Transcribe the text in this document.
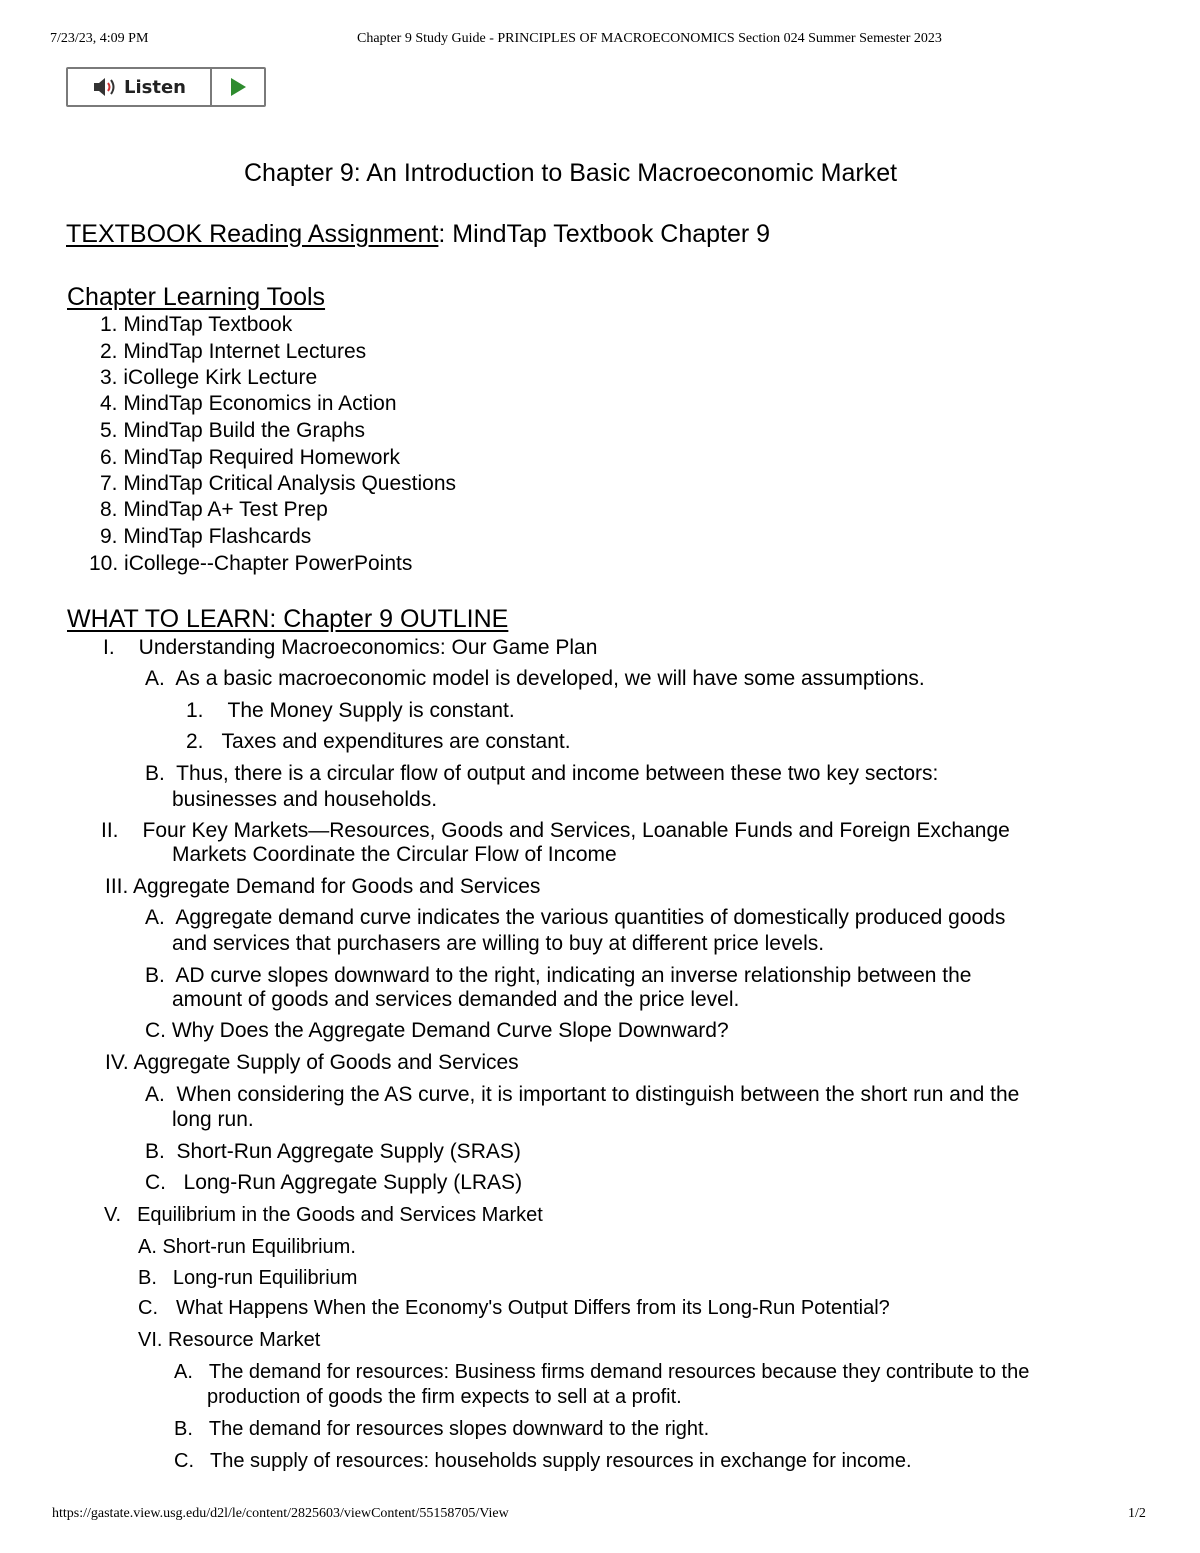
7/23/23, 4:09 PM	Chapter 9 Study Guide - PRINCIPLES OF MACROECONOMICS Section 024 Summer Semester 2023
Listen
Chapter 9: An Introduction to Basic Macroeconomic Market
TEXTBOOK Reading Assignment: MindTap Textbook Chapter 9
Chapter Learning Tools
1. MindTap Textbook
2. MindTap Internet Lectures
3. iCollege Kirk Lecture
4. MindTap Economics in Action
5. MindTap Build the Graphs
6. MindTap Required Homework
7. MindTap Critical Analysis Questions
8. MindTap A+ Test Prep
9. MindTap Flashcards
10. iCollege--Chapter PowerPoints
WHAT TO LEARN: Chapter 9 OUTLINE
I. Understanding Macroeconomics: Our Game Plan
A. As a basic macroeconomic model is developed, we will have some assumptions.
1. The Money Supply is constant.
2. Taxes and expenditures are constant.
B. Thus, there is a circular flow of output and income between these two key sectors:
businesses and households.
II. Four Key Markets—Resources, Goods and Services, Loanable Funds and Foreign Exchange
Markets Coordinate the Circular Flow of Income
III. Aggregate Demand for Goods and Services
A. Aggregate demand curve indicates the various quantities of domestically produced goods
and services that purchasers are willing to buy at different price levels.
B. AD curve slopes downward to the right, indicating an inverse relationship between the
amount of goods and services demanded and the price level.
C. Why Does the Aggregate Demand Curve Slope Downward?
IV. Aggregate Supply of Goods and Services
A. When considering the AS curve, it is important to distinguish between the short run and the
long run.
B. Short-Run Aggregate Supply (SRAS)
C. Long-Run Aggregate Supply (LRAS)
V. Equilibrium in the Goods and Services Market
A. Short-run Equilibrium.
B. Long-run Equilibrium
C. What Happens When the Economy's Output Differs from its Long-Run Potential?
VI. Resource Market
A. The demand for resources: Business firms demand resources because they contribute to the
production of goods the firm expects to sell at a profit.
B. The demand for resources slopes downward to the right.
C. The supply of resources: households supply resources in exchange for income.
https://gastate.view.usg.edu/d2l/le/content/2825603/viewContent/55158705/View	1/2
